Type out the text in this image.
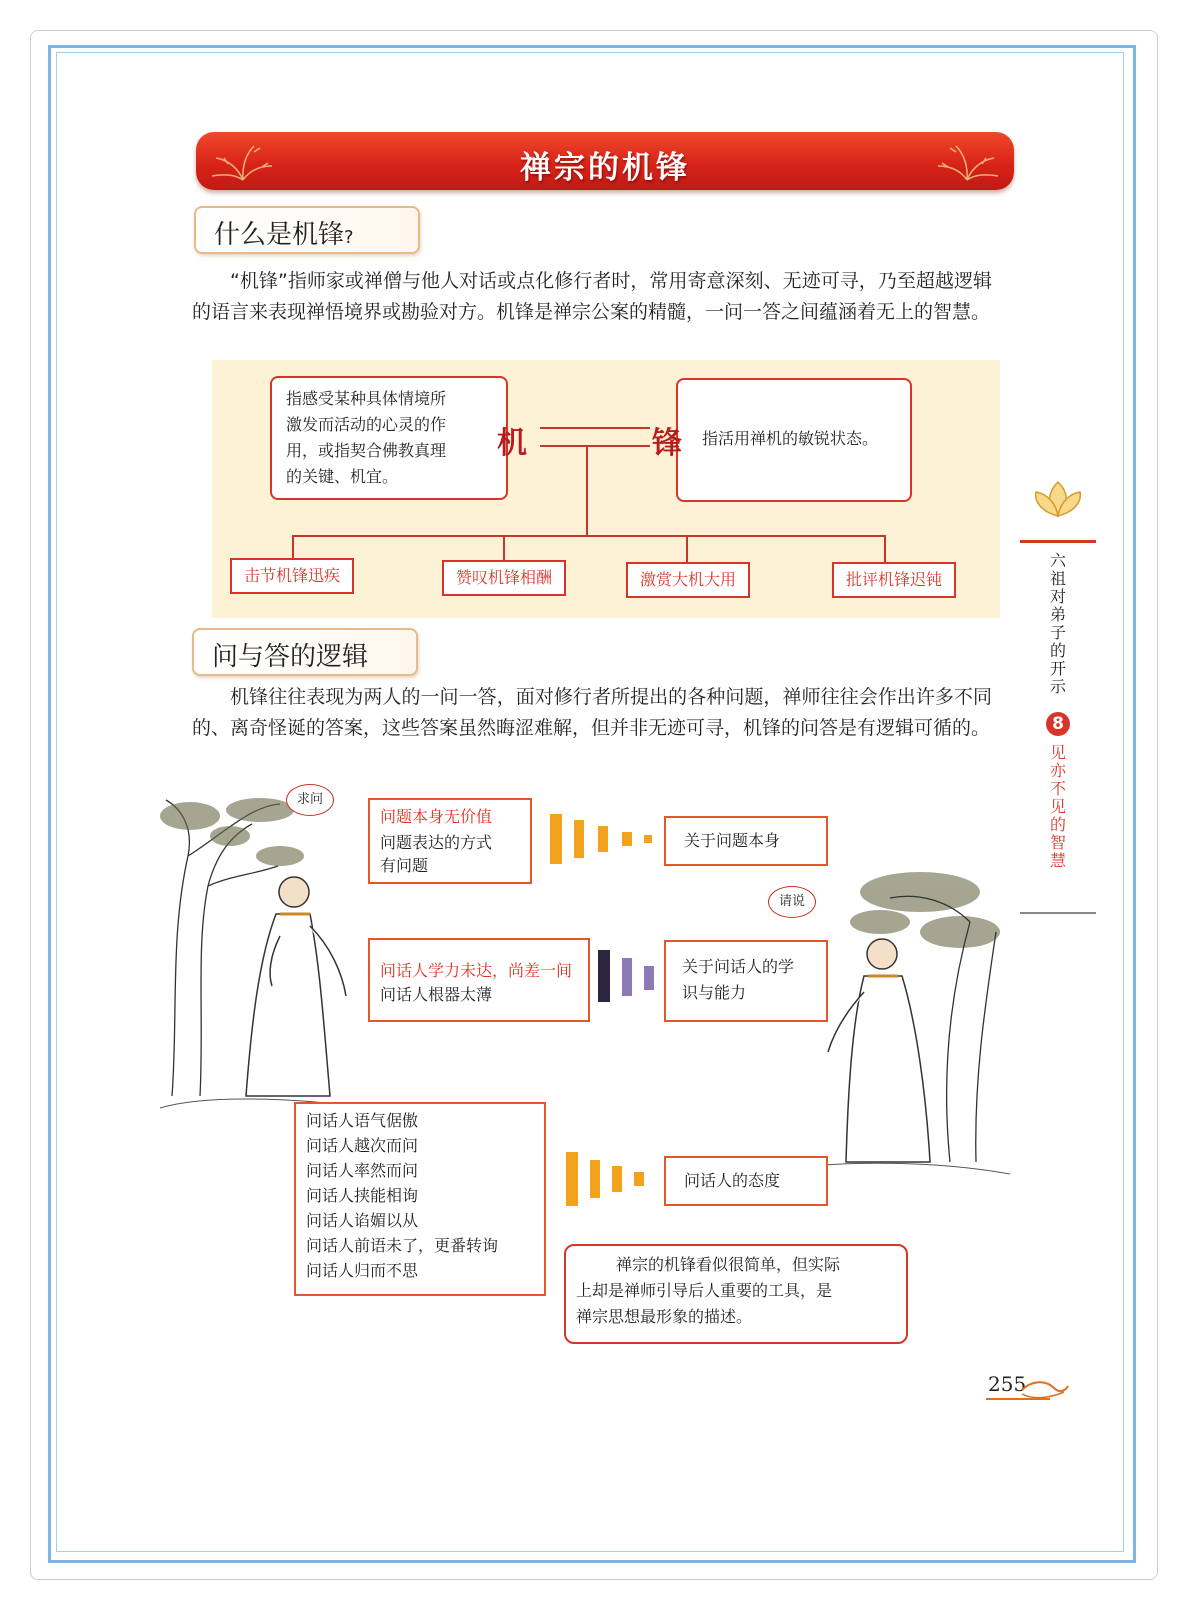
禅宗的机锋
什么是机锋?

“机锋”指师家或禅僧与他人对话或点化修行者时，常用寄意深刻、无迹可寻，乃至超越逻辑的语言来表现禅悟境界或勘验对方。机锋是禅宗公案的精髓，一问一答之间蕴涵着无上的智慧。

指感受某种具体情境所
激发而活动的心灵的作
用，或指契合佛教真理
的关键、机宜。
机	锋 指活用禅机的敏锐状态。
击节机锋迅疾	赞叹机锋相酬	激赏大机大用	批评机锋迟钝
问与答的逻辑

机锋往往表现为两人的一问一答，面对修行者所提出的各种问题，禅师往往会作出许多不同的、离奇怪诞的答案，这些答案虽然晦涩难解，但并非无迹可寻，机锋的问答是有逻辑可循的。

求问
请说
问题本身无价值
问题表达的方式
有问题
关于问题本身
问话人学力未达，尚差一间
问话人根器太薄
关于问话人的学
识与能力
问话人语气倨傲
问话人越次而问
问话人率然而问
问话人挟能相询
问话人谄媚以从
问话人前语未了，更番转询
问话人归而不思
问话人的态度
禅宗的机锋看似很简单，但实际
上却是禅师引导后人重要的工具，是
禅宗思想最形象的描述。
六祖对弟子的开示
8
见亦不见的智慧
255
